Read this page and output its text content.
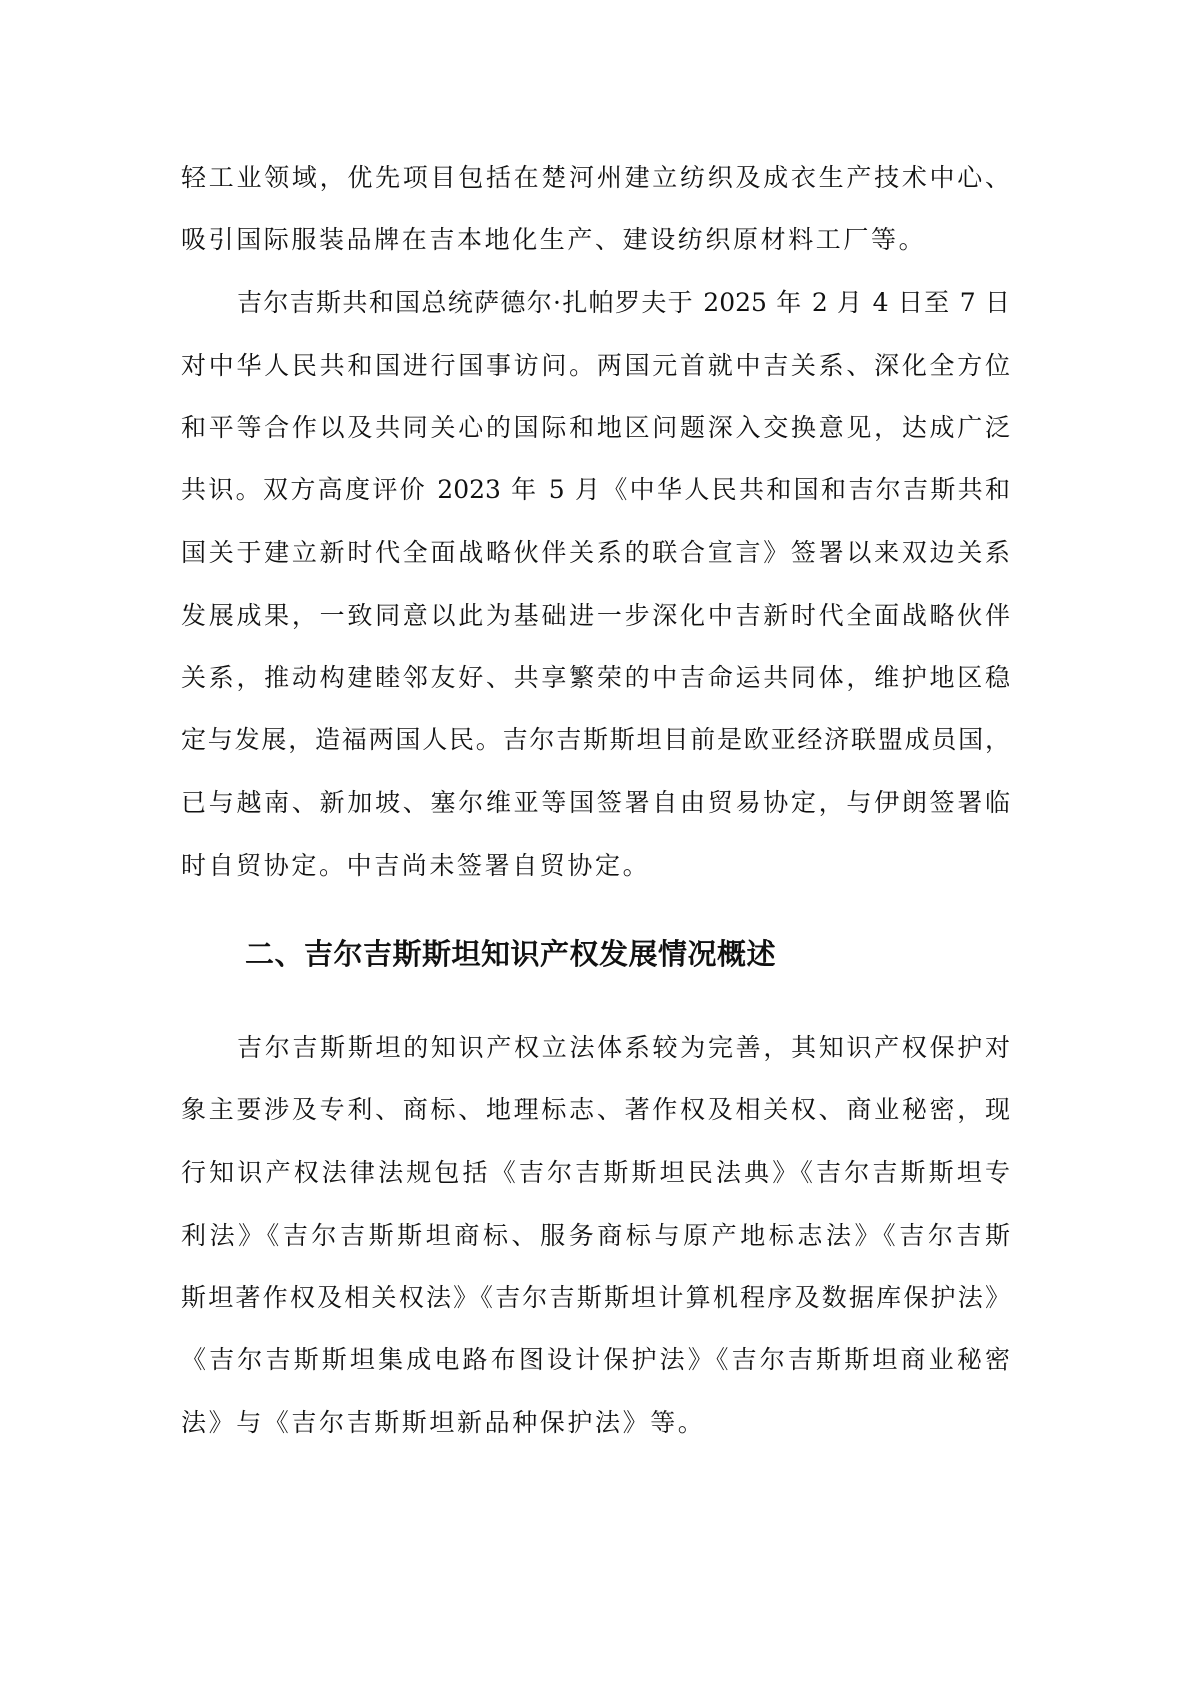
轻工业领域，优先项目包括在楚河州建立纺织及成衣生产技术中心、
吸引国际服装品牌在吉本地化生产、建设纺织原材料工厂等。
吉尔吉斯共和国总统萨德尔·扎帕罗夫于 2025 年 2 月 4 日至 7 日
对中华人民共和国进行国事访问。两国元首就中吉关系、深化全方位
和平等合作以及共同关心的国际和地区问题深入交换意见，达成广泛
共识。双方高度评价 2023 年 5 月《中华人民共和国和吉尔吉斯共和
国关于建立新时代全面战略伙伴关系的联合宣言》签署以来双边关系
发展成果，一致同意以此为基础进一步深化中吉新时代全面战略伙伴
关系，推动构建睦邻友好、共享繁荣的中吉命运共同体，维护地区稳
定与发展，造福两国人民。吉尔吉斯斯坦目前是欧亚经济联盟成员国，
已与越南、新加坡、塞尔维亚等国签署自由贸易协定，与伊朗签署临
时自贸协定。中吉尚未签署自贸协定。
二、吉尔吉斯斯坦知识产权发展情况概述
吉尔吉斯斯坦的知识产权立法体系较为完善，其知识产权保护对
象主要涉及专利、商标、地理标志、著作权及相关权、商业秘密，现
行知识产权法律法规包括《吉尔吉斯斯坦民法典》《吉尔吉斯斯坦专
利法》《吉尔吉斯斯坦商标、服务商标与原产地标志法》《吉尔吉斯
斯坦著作权及相关权法》《吉尔吉斯斯坦计算机程序及数据库保护法》
《吉尔吉斯斯坦集成电路布图设计保护法》《吉尔吉斯斯坦商业秘密
法》与《吉尔吉斯斯坦新品种保护法》等。
